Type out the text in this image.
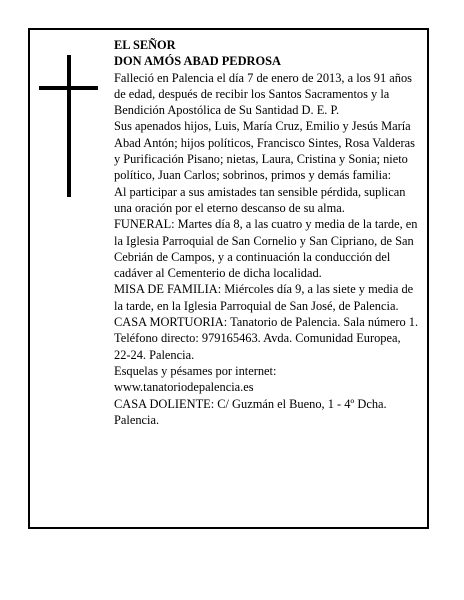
EL SEÑOR

DON AMÓS ABAD PEDROSA

Falleció en Palencia el día 7 de enero de 2013, a los 91 años de edad, después de recibir los Santos Sacramentos y la Bendición Apostólica de Su Santidad D. E. P.

Sus apenados hijos, Luis, María Cruz, Emilio y Jesús María Abad Antón; hijos políticos, Francisco Sintes, Rosa Valderas y Purificación Pisano; nietas, Laura, Cristina y Sonia; nieto político, Juan Carlos; sobrinos, primos y demás familia:

Al participar a sus amistades tan sensible pérdida, suplican una oración por el eterno descanso de su alma.

FUNERAL: Martes día 8, a las cuatro y media de la tarde, en la Iglesia Parroquial de San Cornelio y San Cipriano, de San Cebrián de Campos, y a continuación la conducción del cadáver al Cementerio de dicha localidad.

MISA DE FAMILIA: Miércoles día 9, a las siete y media de la tarde, en la Iglesia Parroquial de San José, de Palencia.

CASA MORTUORIA: Tanatorio de Palencia. Sala número 1. Teléfono directo: 979165463. Avda. Comunidad Europea, 22-24. Palencia.

Esquelas y pésames por internet:

www.tanatoriodepalencia.es

CASA DOLIENTE: C/ Guzmán el Bueno, 1 - 4º Dcha. Palencia.
